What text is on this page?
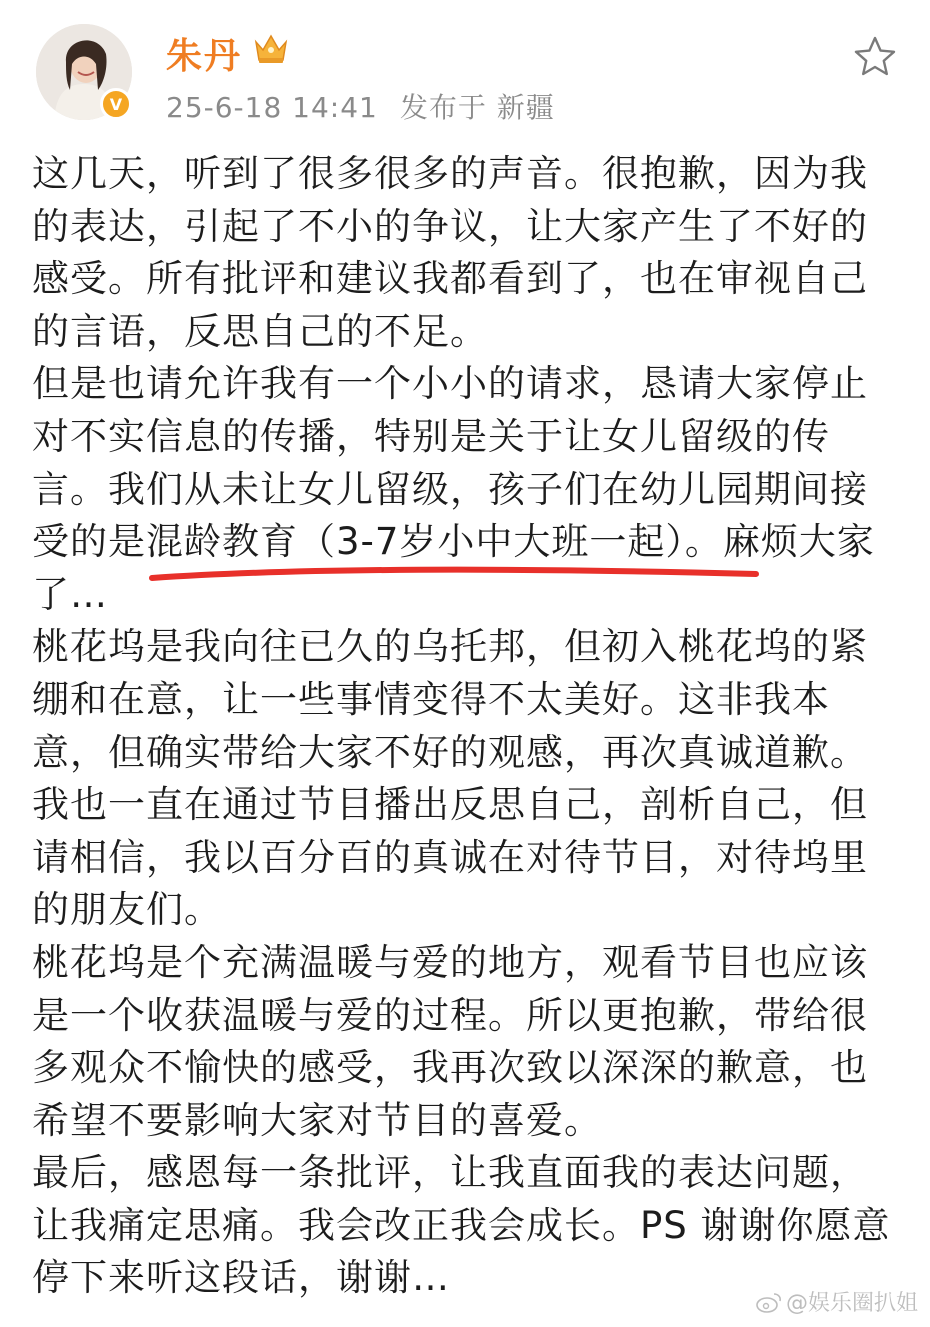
V
朱丹
25-6-18 14:41 发布于 新疆

这几天，听到了很多很多的声音。很抱歉，因为我的表达，引起了不小的争议，让大家产生了不好的感受。所有批评和建议我都看到了，也在审视自己的言语，反思自己的不足。

但是也请允许我有一个小小的请求，恳请大家停止对不实信息的传播，特别是关于让女儿留级的传言。我们从未让女儿留级，孩子们在幼儿园期间接受的是混龄教育（3-7岁小中大班一起）。麻烦大家了…

桃花坞是我向往已久的乌托邦，但初入桃花坞的紧绷和在意，让一些事情变得不太美好。这非我本意，但确实带给大家不好的观感，再次真诚道歉。我也一直在通过节目播出反思自己，剖析自己，但请相信，我以百分百的真诚在对待节目，对待坞里的朋友们。

桃花坞是个充满温暖与爱的地方，观看节目也应该是一个收获温暖与爱的过程。所以更抱歉，带给很多观众不愉快的感受，我再次致以深深的歉意，也希望不要影响大家对节目的喜爱。

最后，感恩每一条批评，让我直面我的表达问题，让我痛定思痛。我会改正我会成长。PS 谢谢你愿意停下来听这段话，谢谢…

@娱乐圈扒姐
